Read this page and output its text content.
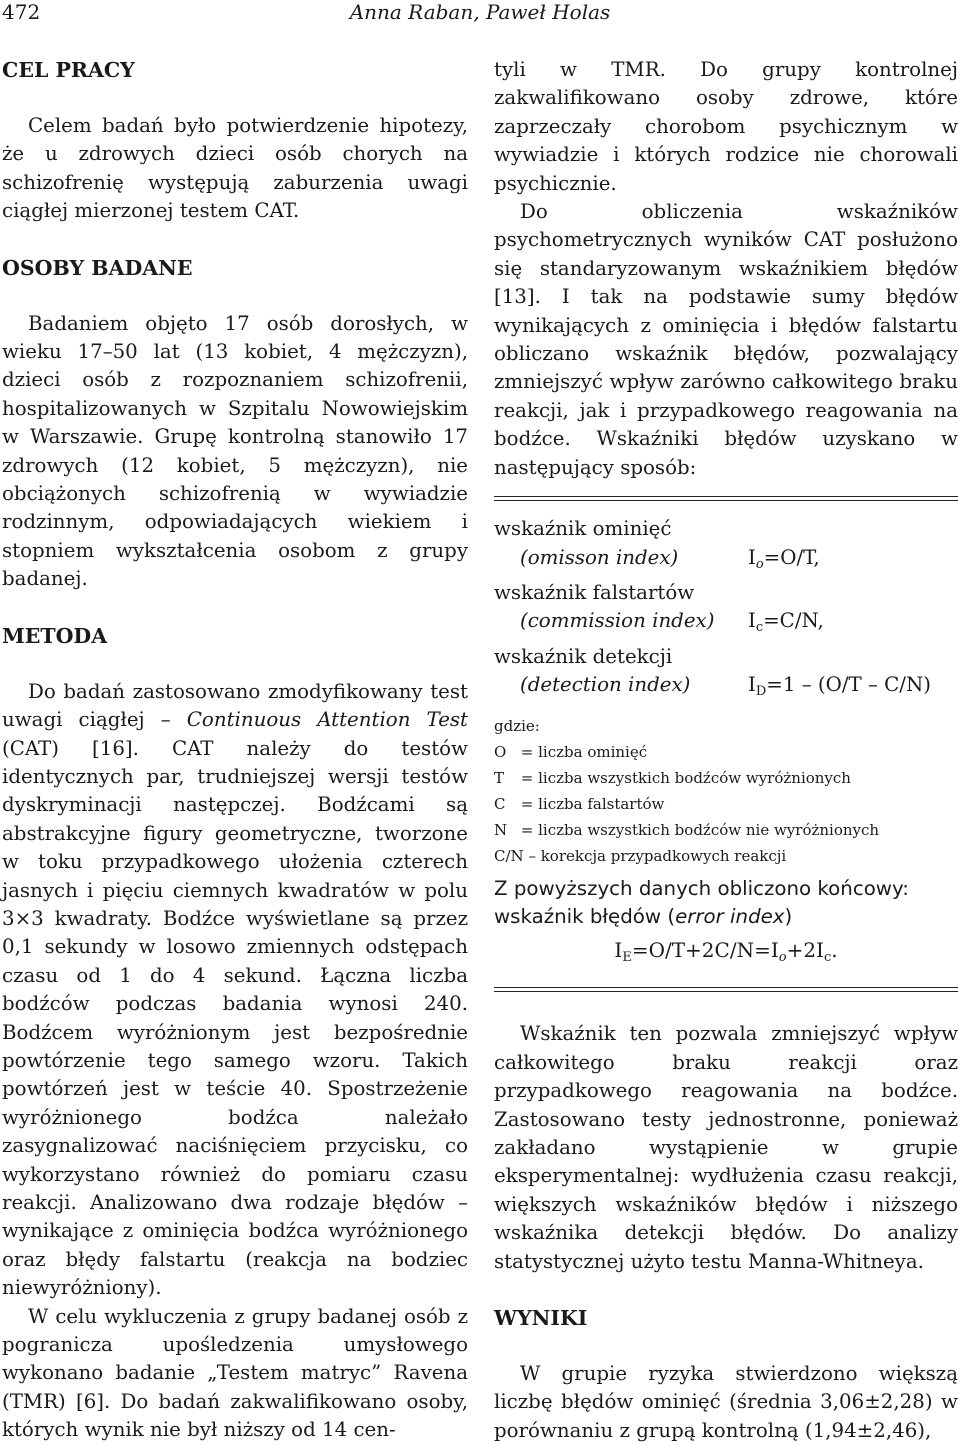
472	Anna Raban, Paweł Holas
CEL PRACY

Celem badań było potwierdzenie hipotezy, że u zdrowych dzieci osób chorych na schizofrenię występują zaburzenia uwagi ciągłej mierzonej testem CAT.

OSOBY BADANE

Badaniem objęto 17 osób dorosłych, w wieku 17–50 lat (13 kobiet, 4 mężczyzn), dzieci osób z rozpoznaniem schizofrenii, hospitalizowanych w Szpitalu Nowowiejskim w Warszawie. Grupę kontrolną stanowiło 17 zdrowych (12 kobiet, 5 mężczyzn), nie obciążonych schizofrenią w wywiadzie rodzinnym, odpowiadających wiekiem i stopniem wykształcenia osobom z grupy badanej.

METODA

Do badań zastosowano zmodyfikowany test uwagi ciągłej – Continuous Attention Test (CAT) [16]. CAT należy do testów identycznych par, trudniejszej wersji testów dyskryminacji następczej. Bodźcami są abstrakcyjne figury geometryczne, tworzone w toku przypadkowego ułożenia czterech jasnych i pięciu ciemnych kwadratów w polu 3×3 kwadraty. Bodźce wyświetlane są przez 0,1 sekundy w losowo zmiennych odstępach czasu od 1 do 4 sekund. Łączna liczba bodźców podczas badania wynosi 240. Bodźcem wyróżnionym jest bezpośrednie powtórzenie tego samego wzoru. Takich powtórzeń jest w teście 40. Spostrzeżenie wyróżnionego bodźca należało zasygnalizować naciśnięciem przycisku, co wykorzystano również do pomiaru czasu reakcji. Analizowano dwa rodzaje błędów – wynikające z ominięcia bodźca wyróżnionego oraz błędy falstartu (reakcja na bodziec niewyróżniony).

W celu wykluczenia z grupy badanej osób z pogranicza upośledzenia umysłowego wykonano badanie „Testem matryc” Ravena (TMR) [6]. Do badań zakwalifikowano osoby, których wynik nie był niższy od 14 cen-

tyli w TMR. Do grupy kontrolnej zakwalifikowano osoby zdrowe, które zaprzeczały chorobom psychicznym w wywiadzie i których rodzice nie chorowali psychicznie.

Do obliczenia wskaźników psychometrycznych wyników CAT posłużono się standaryzowanym wskaźnikiem błędów [13]. I tak na podstawie sumy błędów wynikających z ominięcia i błędów falstartu obliczano wskaźnik błędów, pozwalający zmniejszyć wpływ zarówno całkowitego braku reakcji, jak i przypadkowego reagowania na bodźce. Wskaźniki błędów uzyskano w następujący sposób:

wskaźnik ominięć
(omisson index)	$I_o=O/T$,
wskaźnik falstartów
(commission index) $I_c=C/N$,
wskaźnik detekcji
(detection index)	$I_D=1 - (O/T - C/N)$
gdzie:
O
= liczba ominięć
T
	= liczba wszystkich bodźców wyróżnionych
C
	= liczba falstartów
N
= liczba wszystkich bodźców nie wyróżnionych
C/N
– korekcja przypadkowych reakcji
Z powyższych danych obliczono końcowy:
wskaźnik błędów (error index)
$I_E=O/T+2C/N=I_o+2I_c$.

Wskaźnik ten pozwala zmniejszyć wpływ całkowitego braku reakcji oraz przypadkowego reagowania na bodźce. Zastosowano testy jednostronne, ponieważ zakładano wystąpienie w grupie eksperymentalnej: wydłużenia czasu reakcji, większych wskaźników błędów i niższego wskaźnika detekcji błędów. Do analizy statystycznej użyto testu Manna-Whitneya.

WYNIKI

W grupie ryzyka stwierdzono większą liczbę błędów ominięć (średnia 3,06±2,28) w porównaniu z grupą kontrolną (1,94±2,46),
